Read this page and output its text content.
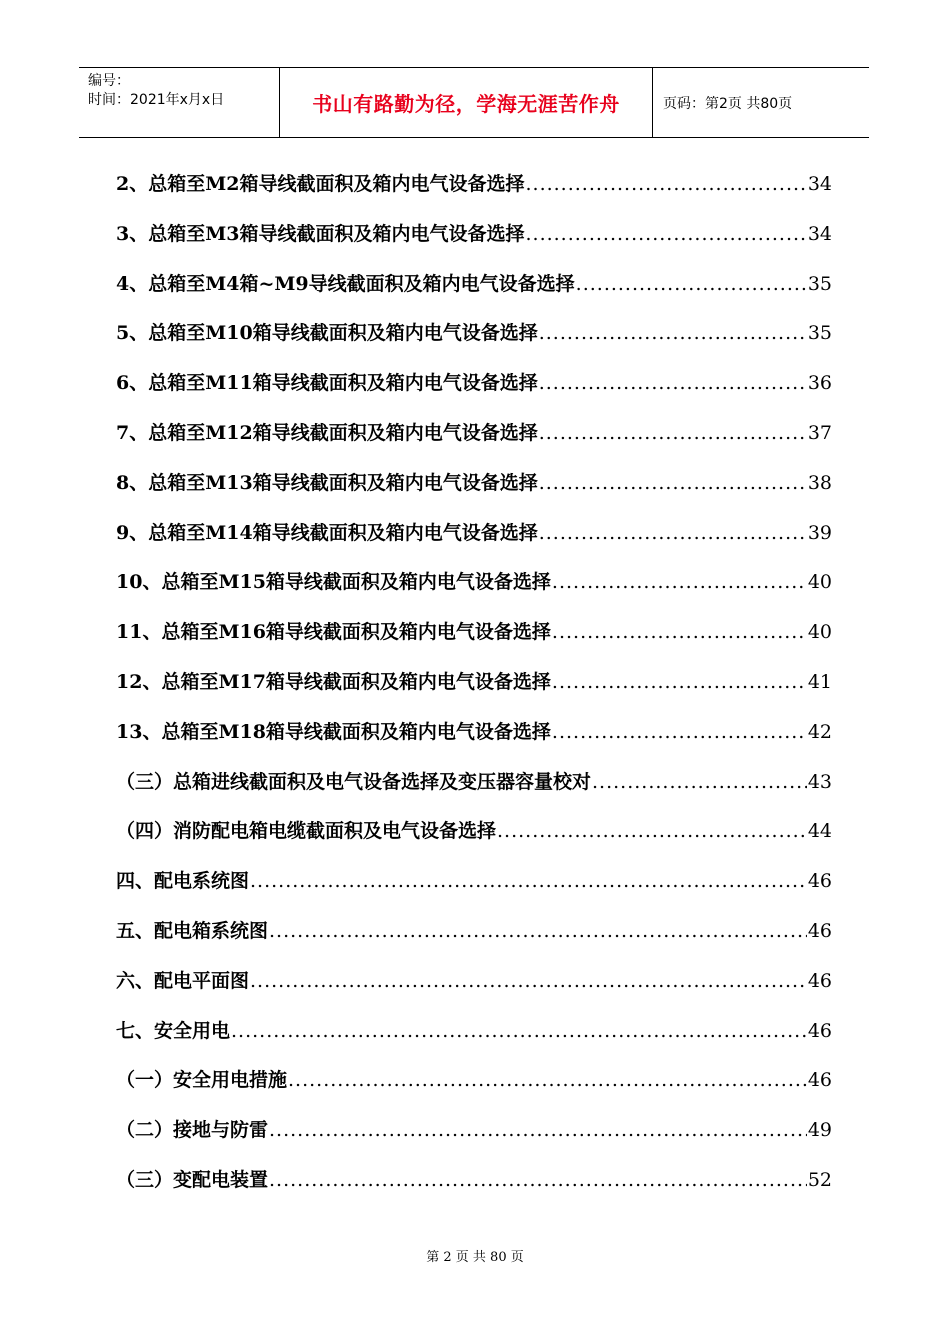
编号：
时间：2021年x月x日	书山有路勤为径，学海无涯苦作舟	页码：第2页 共80页
2、总箱至M2箱导线截面积及箱内电气设备选择 .....	34
3、总箱至M3箱导线截面积及箱内电气设备选择 .....	34
4、总箱至M4箱~M9导线截面积及箱内电气设备选择 .....	35
5、总箱至M10箱导线截面积及箱内电气设备选择 .....	35
6、总箱至M11箱导线截面积及箱内电气设备选择 .....	36
7、总箱至M12箱导线截面积及箱内电气设备选择 .....	37
8、总箱至M13箱导线截面积及箱内电气设备选择 .....	38
9、总箱至M14箱导线截面积及箱内电气设备选择 .....	39
10、总箱至M15箱导线截面积及箱内电气设备选择 .....	40
11、总箱至M16箱导线截面积及箱内电气设备选择 .....	40
12、总箱至M17箱导线截面积及箱内电气设备选择 .....	41
13、总箱至M18箱导线截面积及箱内电气设备选择 .....	42
（三）总箱进线截面积及电气设备选择及变压器容量校对 .....	43
（四）消防配电箱电缆截面积及电气设备选择 .....	44
四、配电系统图 .....	46
五、配电箱系统图 .....	46
六、配电平面图 .....	46
七、安全用电 .....	46
（一）安全用电措施 .....	46
（二）接地与防雷 .....	49
（三）变配电装置 .....	52
第 2 页 共 80 页
